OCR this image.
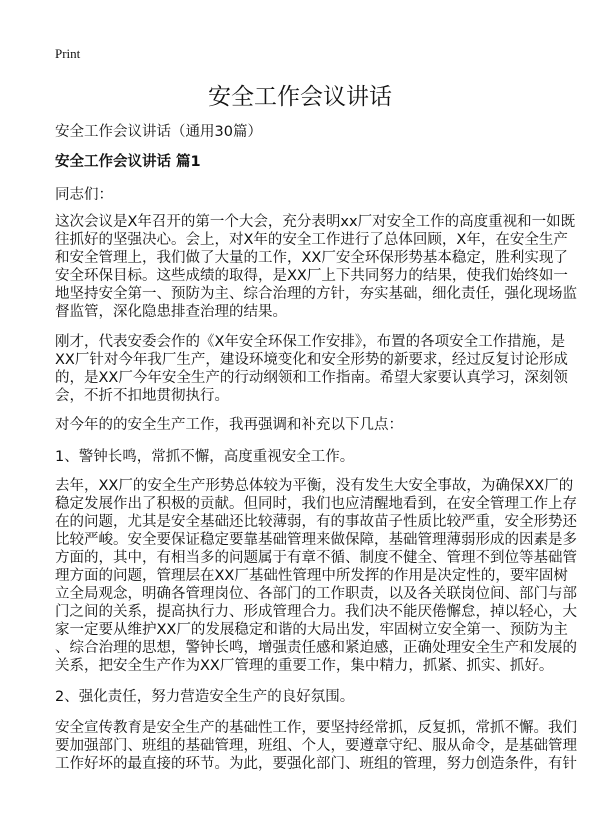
Print
安全工作会议讲话
安全工作会议讲话（通用30篇）
安全工作会议讲话 篇1
同志们：
这次会议是X年召开的第一个大会，充分表明xx厂对安全工作的高度重视和一如既
往抓好的坚强决心。会上，对X年的安全工作进行了总体回顾，X年，在安全生产
和安全管理上，我们做了大量的工作，XX厂安全环保形势基本稳定，胜利实现了
安全环保目标。这些成绩的取得，是XX厂上下共同努力的结果，使我们始终如一
地坚持安全第一、预防为主、综合治理的方针，夯实基础，细化责任，强化现场监
督监管，深化隐患排查治理的结果。
刚才，代表安委会作的《X年安全环保工作安排》，布置的各项安全工作措施，是
XX厂针对今年我厂生产，建设环境变化和安全形势的新要求，经过反复讨论形成
的，是XX厂今年安全生产的行动纲领和工作指南。希望大家要认真学习，深刻领
会，不折不扣地贯彻执行。
对今年的的安全生产工作，我再强调和补充以下几点：
1、警钟长鸣，常抓不懈，高度重视安全工作。
去年，XX厂的安全生产形势总体较为平衡，没有发生大安全事故，为确保XX厂的
稳定发展作出了积极的贡献。但同时，我们也应清醒地看到，在安全管理工作上存
在的问题，尤其是安全基础还比较薄弱，有的事故苗子性质比较严重，安全形势还
比较严峻。安全要保证稳定要靠基础管理来做保障，基础管理薄弱形成的因素是多
方面的，其中，有相当多的问题属于有章不循、制度不健全、管理不到位等基础管
理方面的问题，管理层在XX厂基础性管理中所发挥的作用是决定性的，要牢固树
立全局观念，明确各管理岗位、各部门的工作职责，以及各关联岗位间、部门与部
门之间的关系，提高执行力、形成管理合力。我们决不能厌倦懈怠，掉以轻心，大
家一定要从维护XX厂的发展稳定和谐的大局出发，牢固树立安全第一、预防为主
、综合治理的思想，警钟长鸣，增强责任感和紧迫感，正确处理安全生产和发展的
关系，把安全生产作为XX厂管理的重要工作，集中精力，抓紧、抓实、抓好。
2、强化责任，努力营造安全生产的良好氛围。
安全宣传教育是安全生产的基础性工作，要坚持经常抓，反复抓，常抓不懈。我们
要加强部门、班组的基础管理，班组、个人，要遵章守纪、服从命令，是基础管理
工作好坏的最直接的环节。为此，要强化部门、班组的管理，努力创造条件，有针
